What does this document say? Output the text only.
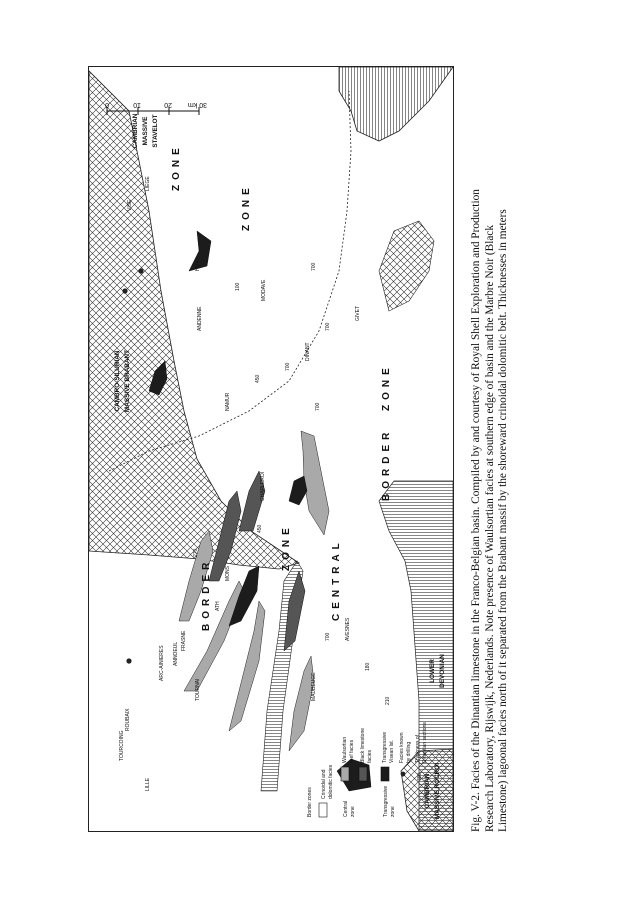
0	10	20 30 km
CAMBRO-SILURIAN MASSIVE BRABANT
CAMBRIAN MASSIVE STAVELOT
CAMBRIAN MASSIVE ROCROI
LOWER DEVONIAN
CENTRAL
ZONE
BORDER
BORDER
ZONE
ZONE
ZONE
TOURCOING
ROUBAIX
LILLE
ANNOEUL
ARC-AINIERES
TOURNAI
FRASNE
ATH
MONS
CHARLEROI
NAMUR
DINANT
GIVET
MAUBEUGE
AVESNES
HUY
ANDENNE
VISE
LIEGE
MODAVE
270
450
450
700
700
700
700
100
180
210
700
Border zones
Crinoidal and dolomitic facies
Central zone
Waulsortian reef facies Black limestone facies
Transgressive zone
Transgressive Visean lst. Facies known by drilling
700
Thickness of Dinantian sections	Fig. V-2. Facies of the Dinantian limestone in the Franco-Belgian basin. Compiled by and courtesy of Royal Shell Exploration and Production Research Laboratory, Rijswijk, Nederlands. Note presence of Waulsortian facies at southern edge of basin and the Marbre Noir (Black Limestone) lagoonal facies north of it separated from the Brabant massif by the shoreward crinoidal dolomitic belt. Thicknesses in meters
